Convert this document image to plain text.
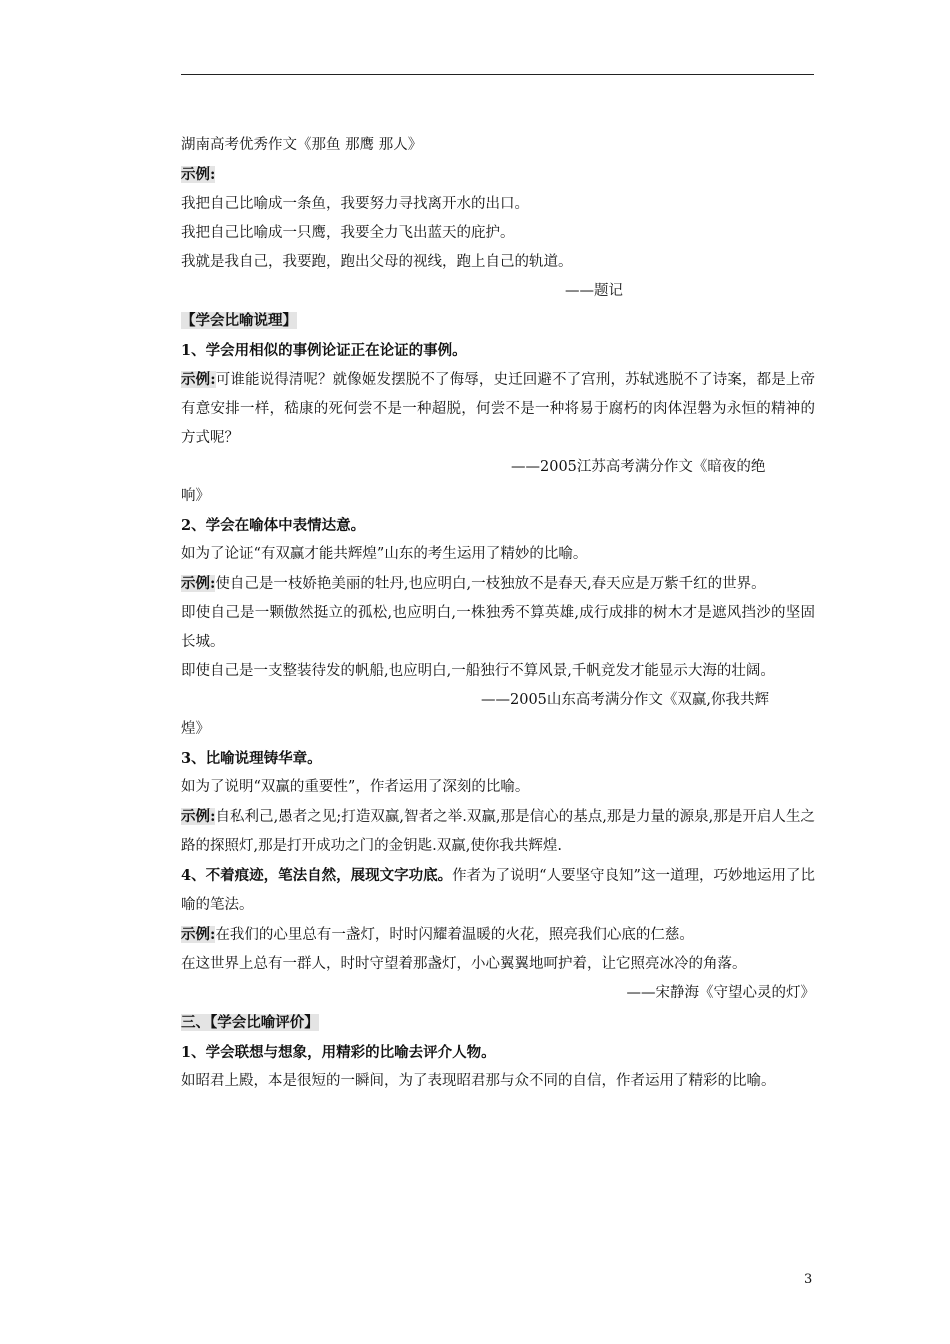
湖南高考优秀作文《那鱼 那鹰 那人》

示例:

我把自己比喻成一条鱼，我要努力寻找离开水的出口。

我把自己比喻成一只鹰，我要全力飞出蓝天的庇护。

我就是我自己，我要跑，跑出父母的视线，跑上自己的轨道。

——题记

【学会比喻说理】

1、学会用相似的事例论证正在论证的事例。

示例:可谁能说得清呢？就像姬发摆脱不了侮辱，史迁回避不了宫刑，苏轼逃脱不了诗案，都是上帝有意安排一样，嵇康的死何尝不是一种超脱，何尝不是一种将易于腐朽的肉体涅磐为永恒的精神的方式呢？

——2005江苏高考满分作文《暗夜的绝

响》

2、学会在喻体中表情达意。

如为了论证“有双赢才能共辉煌”山东的考生运用了精妙的比喻。

示例:使自己是一枝娇艳美丽的牡丹,也应明白,一枝独放不是春天,春天应是万紫千红的世界。

即使自己是一颗傲然挺立的孤松,也应明白,一株独秀不算英雄,成行成排的树木才是遮风挡沙的坚固长城。

即使自己是一支整装待发的帆船,也应明白,一船独行不算风景,千帆竞发才能显示大海的壮阔。

——2005山东高考满分作文《双赢,你我共辉

煌》

3、比喻说理铸华章。

如为了说明“双赢的重要性”，作者运用了深刻的比喻。

示例:自私利己,愚者之见;打造双赢,智者之举.双赢,那是信心的基点,那是力量的源泉,那是开启人生之路的探照灯,那是打开成功之门的金钥匙.双赢,使你我共辉煌.

4、不着痕迹，笔法自然，展现文字功底。作者为了说明“人要坚守良知”这一道理，巧妙地运用了比喻的笔法。

示例:在我们的心里总有一盏灯，时时闪耀着温暖的火花，照亮我们心底的仁慈。

在这世界上总有一群人，时时守望着那盏灯，小心翼翼地呵护着，让它照亮冰冷的角落。

——宋静海《守望心灵的灯》

三、【学会比喻评价】

1、学会联想与想象，用精彩的比喻去评介人物。

如昭君上殿，本是很短的一瞬间，为了表现昭君那与众不同的自信，作者运用了精彩的比喻。

3
